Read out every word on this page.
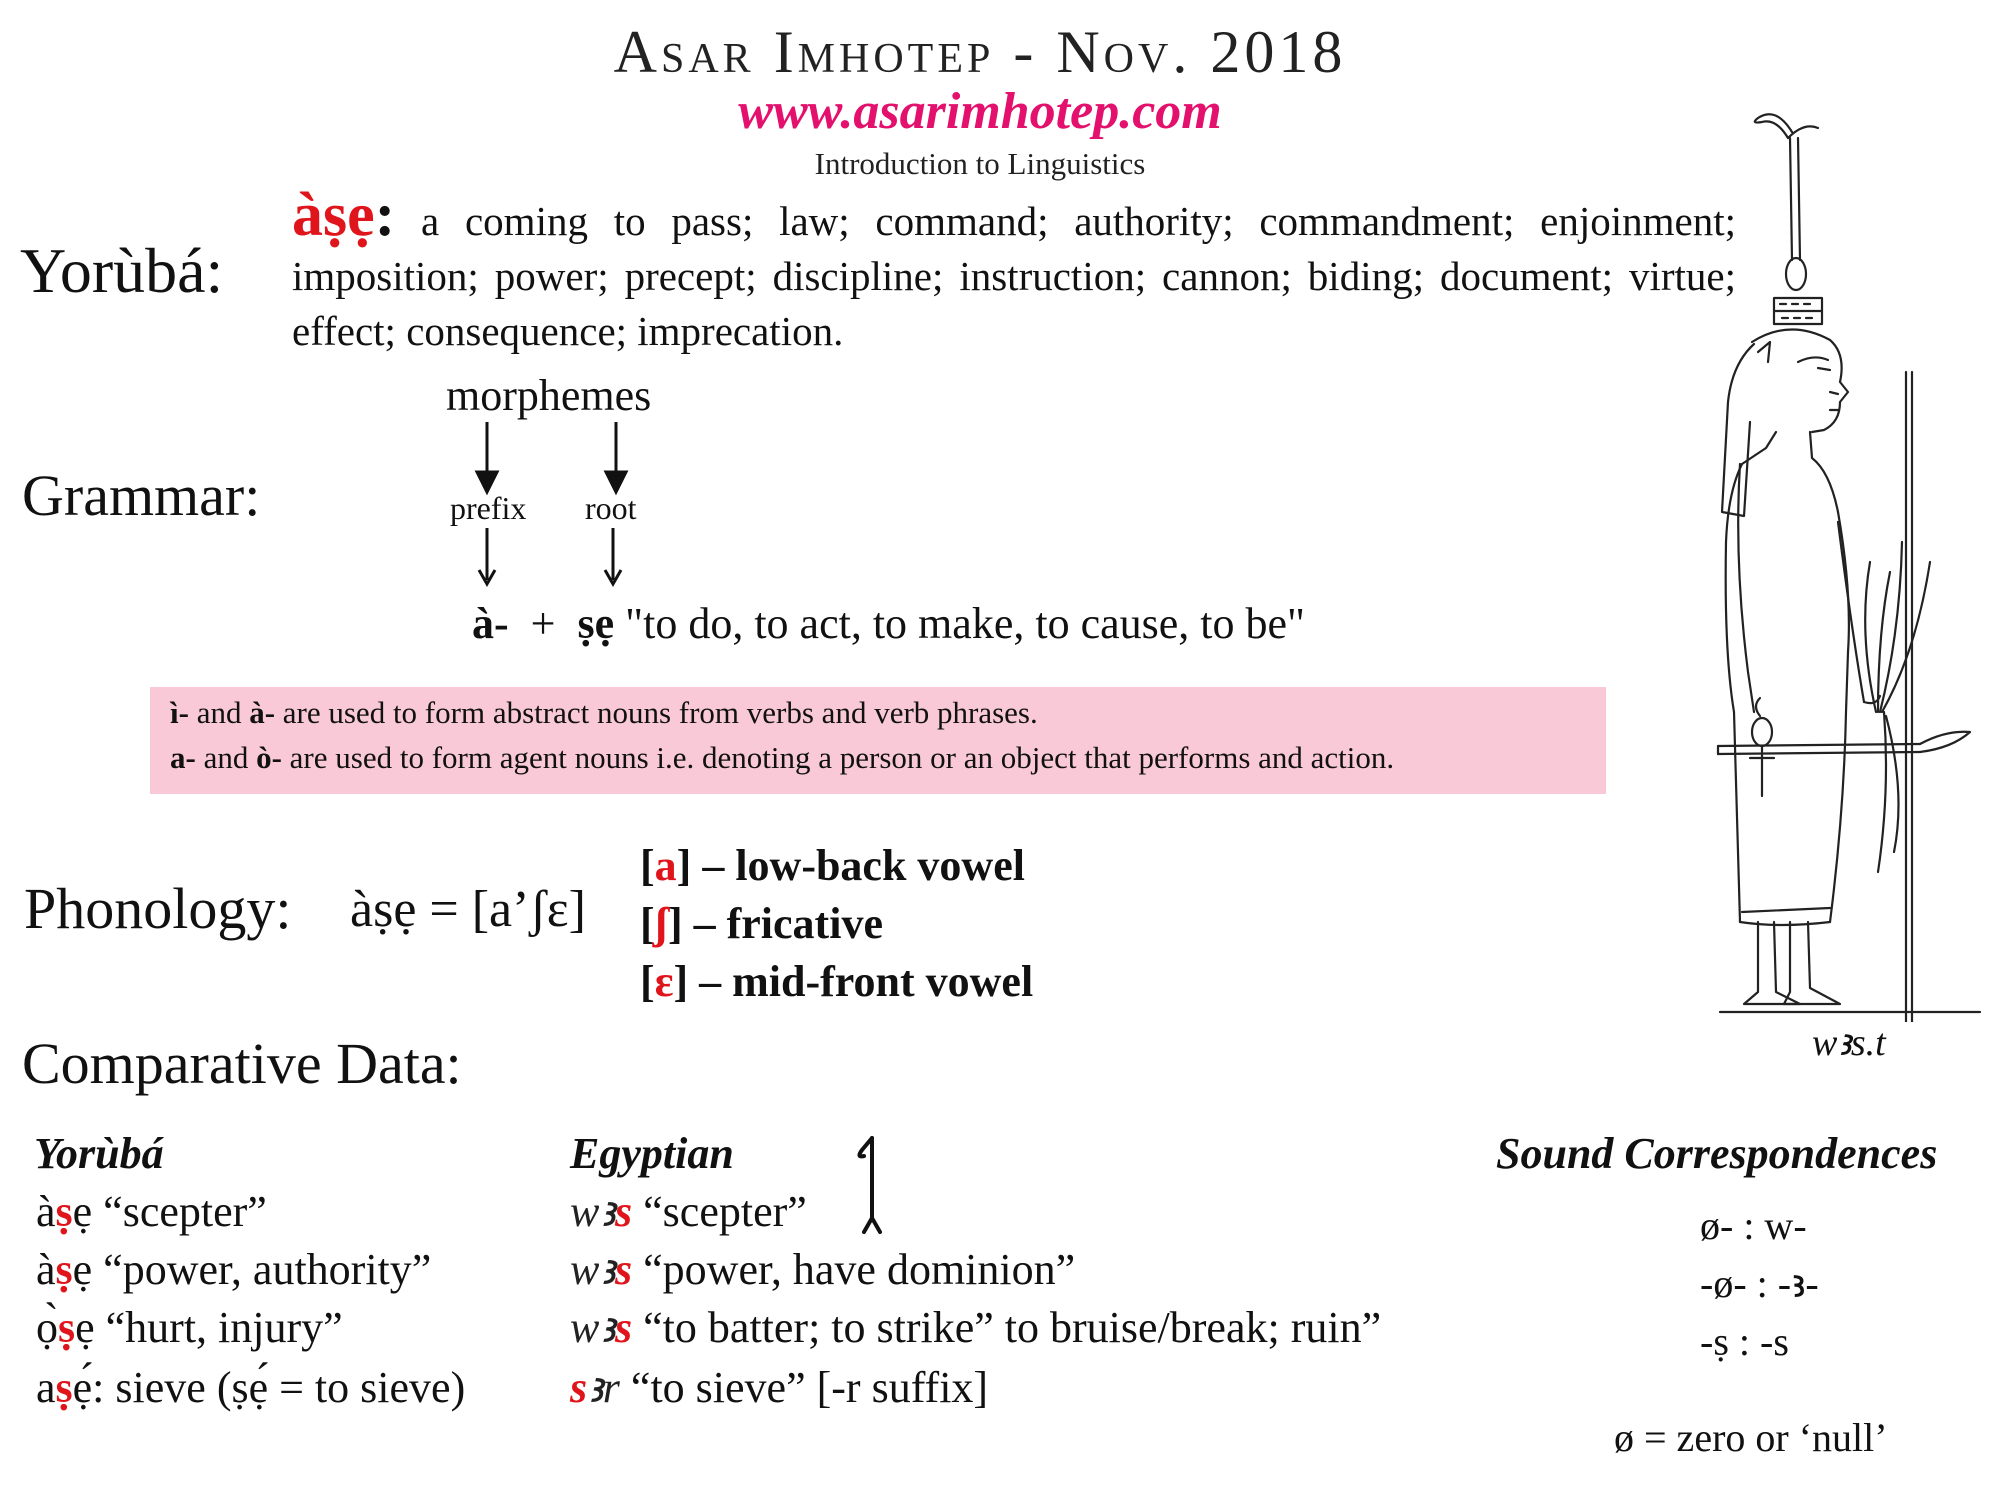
Asar Imhotep - Nov. 2018
www.asarimhotep.com
Introduction to Linguistics
Yorùbá:
àṣẹ: a coming to pass; law; command; authority; commandment; enjoinment; imposition; power; precept; discipline; instruction; cannon; biding; document; virtue; effect; consequence; imprecation.
Grammar:
morphemes
prefix root
à- + ṣẹ "to do, to act, to make, to cause, to be"
ì- and à- are used to form abstract nouns from verbs and verb phrases.
a- and ò- are used to form agent nouns i.e. denoting a person or an object that performs and action.
Phonology: àṣẹ = [a’ʃɛ]
[a] – low-back vowel
[ʃ] – fricative
[ɛ] – mid-front vowel
Comparative Data:
Yorùbá	Egyptian	Sound Correspondences
àṣẹ “scepter”
àṣẹ “power, authority”
ọ̀ṣẹ “hurt, injury”
aṣẹ́: sieve (ṣẹ́ = to sieve)
wꜣs “scepter”
wꜣs “power, have dominion”
wꜣs “to batter; to strike” to bruise/break; ruin”
sꜣr “to sieve” [-r suffix]
ø- : w-
-ø- : -ꜣ-
-ṣ : -s
ø = zero or ‘null’
wꜣs.t
